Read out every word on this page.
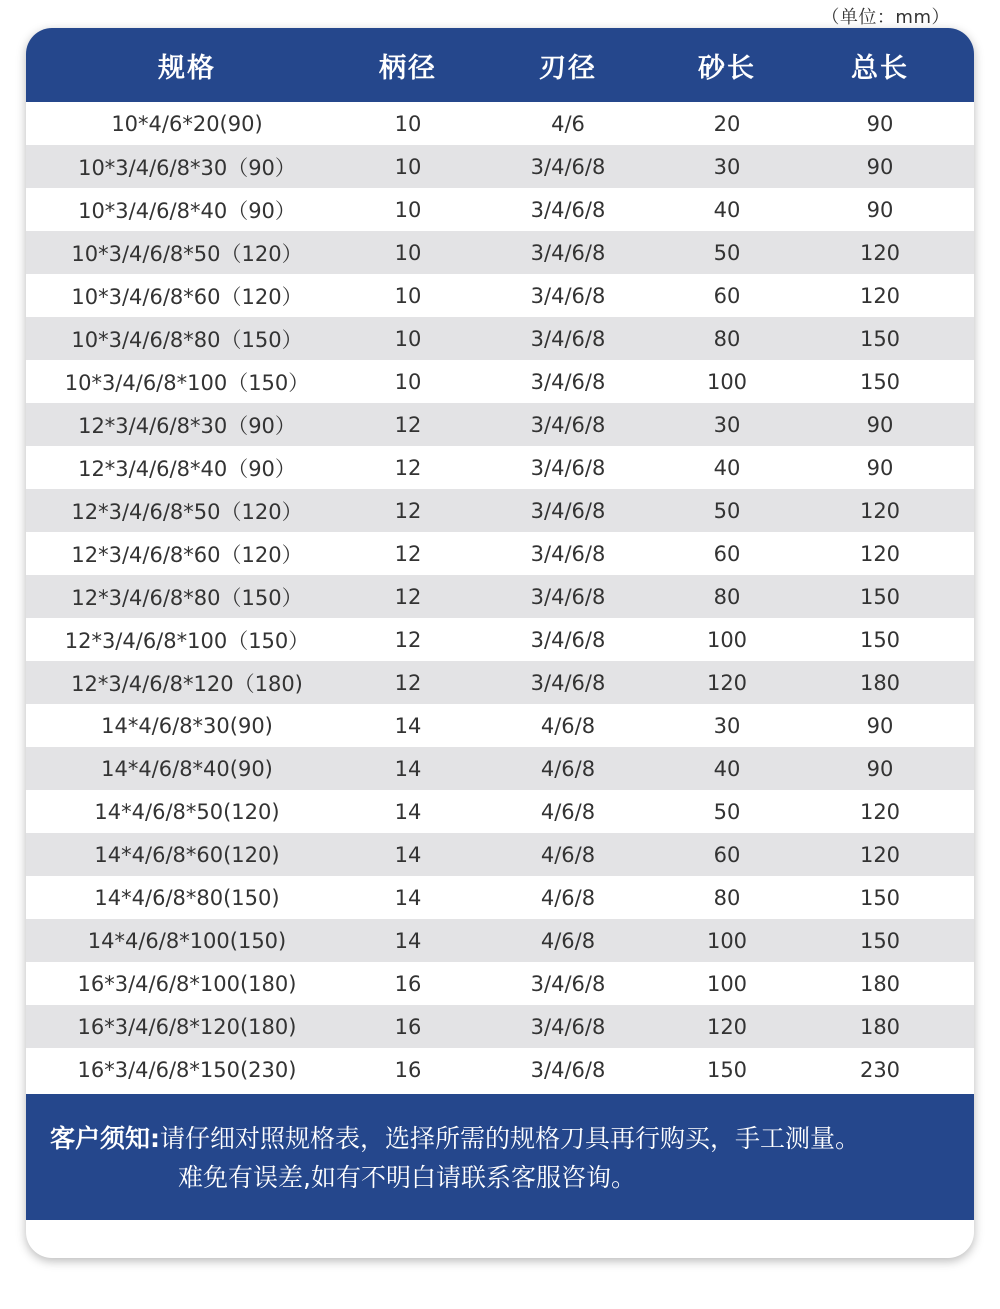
（单位：mm）
规格	柄径	刃径	砂长	总长
10*4/6*20(90)	10	4/6	20	90
10*3/4/6/8*30（90）	10	3/4/6/8	30	90
10*3/4/6/8*40（90）	10	3/4/6/8	40	90
10*3/4/6/8*50（120）	10	3/4/6/8	50	120
10*3/4/6/8*60（120）	10	3/4/6/8	60	120
10*3/4/6/8*80（150）	10	3/4/6/8	80	150
10*3/4/6/8*100（150）	10	3/4/6/8	100	150
12*3/4/6/8*30（90）	12	3/4/6/8	30	90
12*3/4/6/8*40（90）	12	3/4/6/8	40	90
12*3/4/6/8*50（120）	12	3/4/6/8	50	120
12*3/4/6/8*60（120）	12	3/4/6/8	60	120
12*3/4/6/8*80（150）	12	3/4/6/8	80	150
12*3/4/6/8*100（150）	12	3/4/6/8	100	150
12*3/4/6/8*120（180)	12	3/4/6/8	120	180
14*4/6/8*30(90)	14	4/6/8	30	90
14*4/6/8*40(90)	14	4/6/8	40	90
14*4/6/8*50(120)	14	4/6/8	50	120
14*4/6/8*60(120)	14	4/6/8	60	120
14*4/6/8*80(150)	14	4/6/8	80	150
14*4/6/8*100(150)	14	4/6/8	100	150
16*3/4/6/8*100(180)	16	3/4/6/8	100	180
16*3/4/6/8*120(180)	16	3/4/6/8	120	180
16*3/4/6/8*150(230)	16	3/4/6/8	150	230
客户须知:请仔细对照规格表，选择所需的规格刀具再行购买，手工测量。
难免有误差,如有不明白请联系客服咨询。
